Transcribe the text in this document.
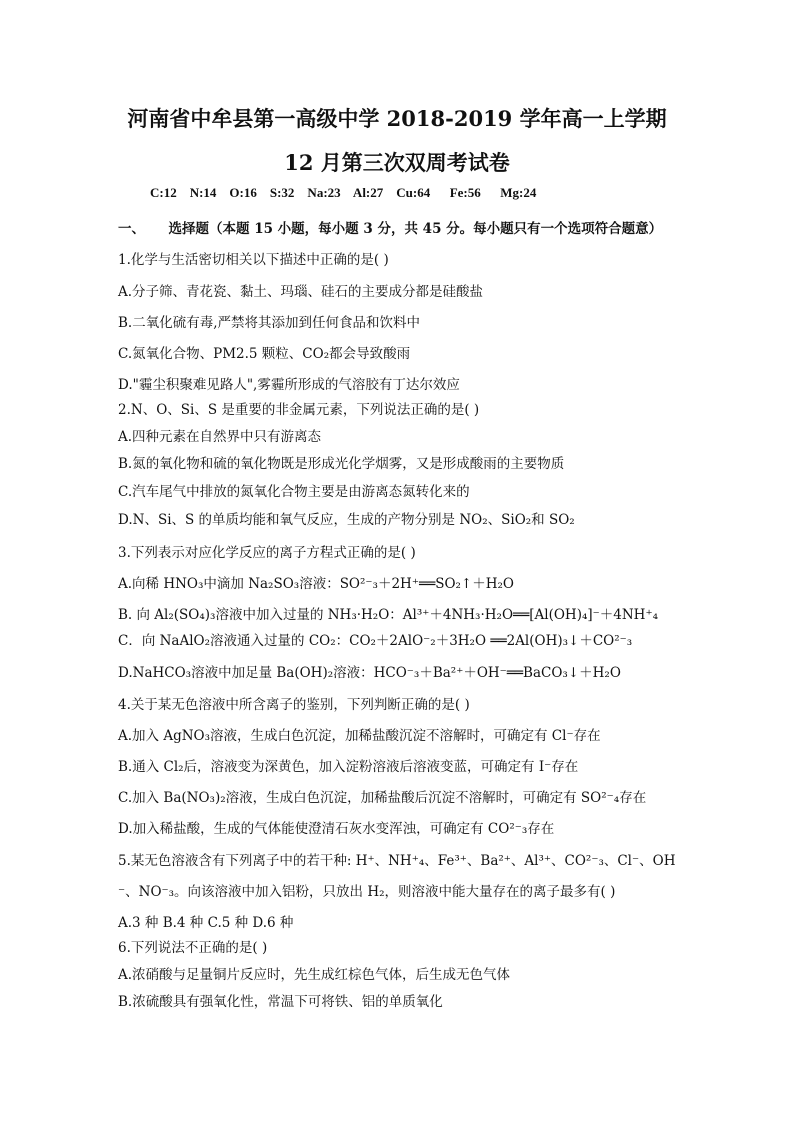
河南省中牟县第一高级中学 2018-2019 学年高一上学期
12 月第三次双周考试卷
C:12    N:14    O:16    S:32    Na:23    Al:27    Cu:64      Fe:56      Mg:24
一、     选择题（本题 15 小题，每小题 3 分，共 45 分。每小题只有一个选项符合题意）
1.化学与生活密切相关以下描述中正确的是( )
A.分子筛、青花瓷、黏土、玛瑙、硅石的主要成分都是硅酸盐
B.二氧化硫有毒,严禁将其添加到任何食品和饮料中
C.氮氧化合物、PM2.5 颗粒、CO₂都会导致酸雨
D."霾尘积聚难见路人",雾霾所形成的气溶胶有丁达尔效应
2.N、O、Si、S 是重要的非金属元素，下列说法正确的是( )
A.四种元素在自然界中只有游离态
B.氮的氧化物和硫的氧化物既是形成光化学烟雾，又是形成酸雨的主要物质
C.汽车尾气中排放的氮氧化合物主要是由游离态氮转化来的
D.N、Si、S 的单质均能和氧气反应，生成的产物分别是 NO₂、SiO₂和 SO₂
3.下列表示对应化学反应的离子方程式正确的是( )
A.向稀 HNO₃中滴加 Na₂SO₃溶液：SO²⁻₃＋2H⁺══SO₂↑＋H₂O
B. 向 Al₂(SO₄)₃溶液中加入过量的 NH₃·H₂O：Al³⁺＋4NH₃·H₂O══[Al(OH)₄]⁻＋4NH⁺₄
C．向 NaAlO₂溶液通入过量的 CO₂：CO₂＋2AlO⁻₂＋3H₂O ══2Al(OH)₃↓＋CO²⁻₃
D.NaHCO₃溶液中加足量 Ba(OH)₂溶液：HCO⁻₃＋Ba²⁺＋OH⁻══BaCO₃↓＋H₂O
4.关于某无色溶液中所含离子的鉴别，下列判断正确的是( )
A.加入 AgNO₃溶液，生成白色沉淀，加稀盐酸沉淀不溶解时，可确定有 Cl⁻存在
B.通入 Cl₂后，溶液变为深黄色，加入淀粉溶液后溶液变蓝，可确定有 I⁻存在
C.加入 Ba(NO₃)₂溶液，生成白色沉淀，加稀盐酸后沉淀不溶解时，可确定有 SO²⁻₄存在
D.加入稀盐酸，生成的气体能使澄清石灰水变浑浊，可确定有 CO²⁻₃存在
5.某无色溶液含有下列离子中的若干种: H⁺、NH⁺₄、Fe³⁺、Ba²⁺、Al³⁺、CO²⁻₃、Cl⁻、OH
⁻、NO⁻₃。向该溶液中加入铝粉，只放出 H₂，则溶液中能大量存在的离子最多有( )
A.3 种 B.4 种 C.5 种 D.6 种
6.下列说法不正确的是( )
A.浓硝酸与足量铜片反应时，先生成红棕色气体，后生成无色气体
B.浓硫酸具有强氧化性，常温下可将铁、铝的单质氧化
